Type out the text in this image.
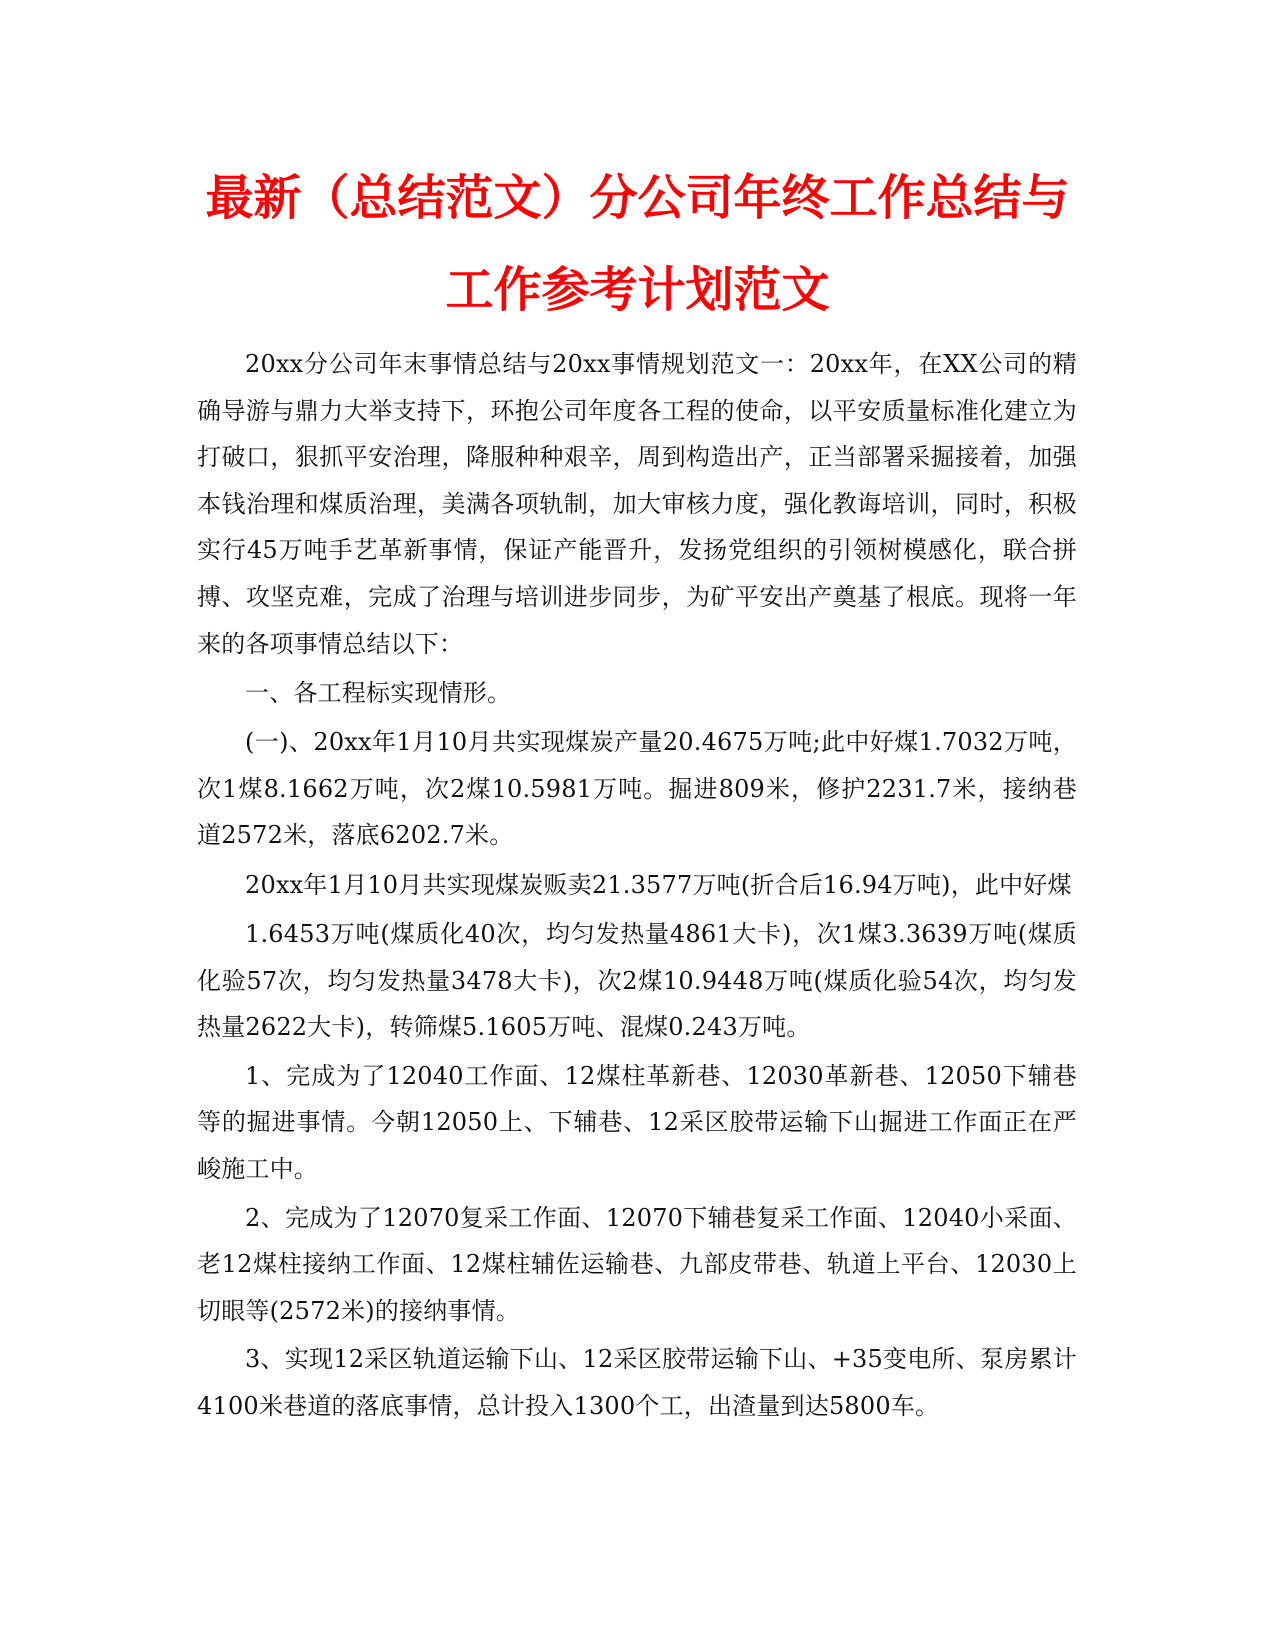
最新（总结范文）分公司年终工作总结与
工作参考计划范文

20xx分公司年末事情总结与20xx事情规划范文一：20xx年，在XX公司的精确导游与鼎力大举支持下，环抱公司年度各工程的使命，以平安质量标准化建立为打破口，狠抓平安治理，降服种种艰辛，周到构造出产，正当部署采掘接着，加强本钱治理和煤质治理，美满各项轨制，加大审核力度，强化教诲培训，同时，积极实行45万吨手艺革新事情，保证产能晋升，发扬党组织的引领树模感化，联合拼搏、攻坚克难，完成了治理与培训进步同步，为矿平安出产奠基了根底。现将一年来的各项事情总结以下：

一、各工程标实现情形。

(一)、20xx年1月10月共实现煤炭产量20.4675万吨;此中好煤1.7032万吨，次1煤8.1662万吨，次2煤10.5981万吨。掘进809米，修护2231.7米，接纳巷道2572米，落底6202.7米。

20xx年1月10月共实现煤炭贩卖21.3577万吨(折合后16.94万吨)，此中好煤

1.6453万吨(煤质化40次，均匀发热量4861大卡)，次1煤3.3639万吨(煤质化验57次，均匀发热量3478大卡)，次2煤10.9448万吨(煤质化验54次，均匀发热量2622大卡)，转筛煤5.1605万吨、混煤0.243万吨。

1、完成为了12040工作面、12煤柱革新巷、12030革新巷、12050下辅巷等的掘进事情。今朝12050上、下辅巷、12采区胶带运输下山掘进工作面正在严峻施工中。

2、完成为了12070复采工作面、12070下辅巷复采工作面、12040小采面、老12煤柱接纳工作面、12煤柱辅佐运输巷、九部皮带巷、轨道上平台、12030上切眼等(2572米)的接纳事情。

3、实现12采区轨道运输下山、12采区胶带运输下山、+35变电所、泵房累计4100米巷道的落底事情，总计投入1300个工，出渣量到达5800车。
